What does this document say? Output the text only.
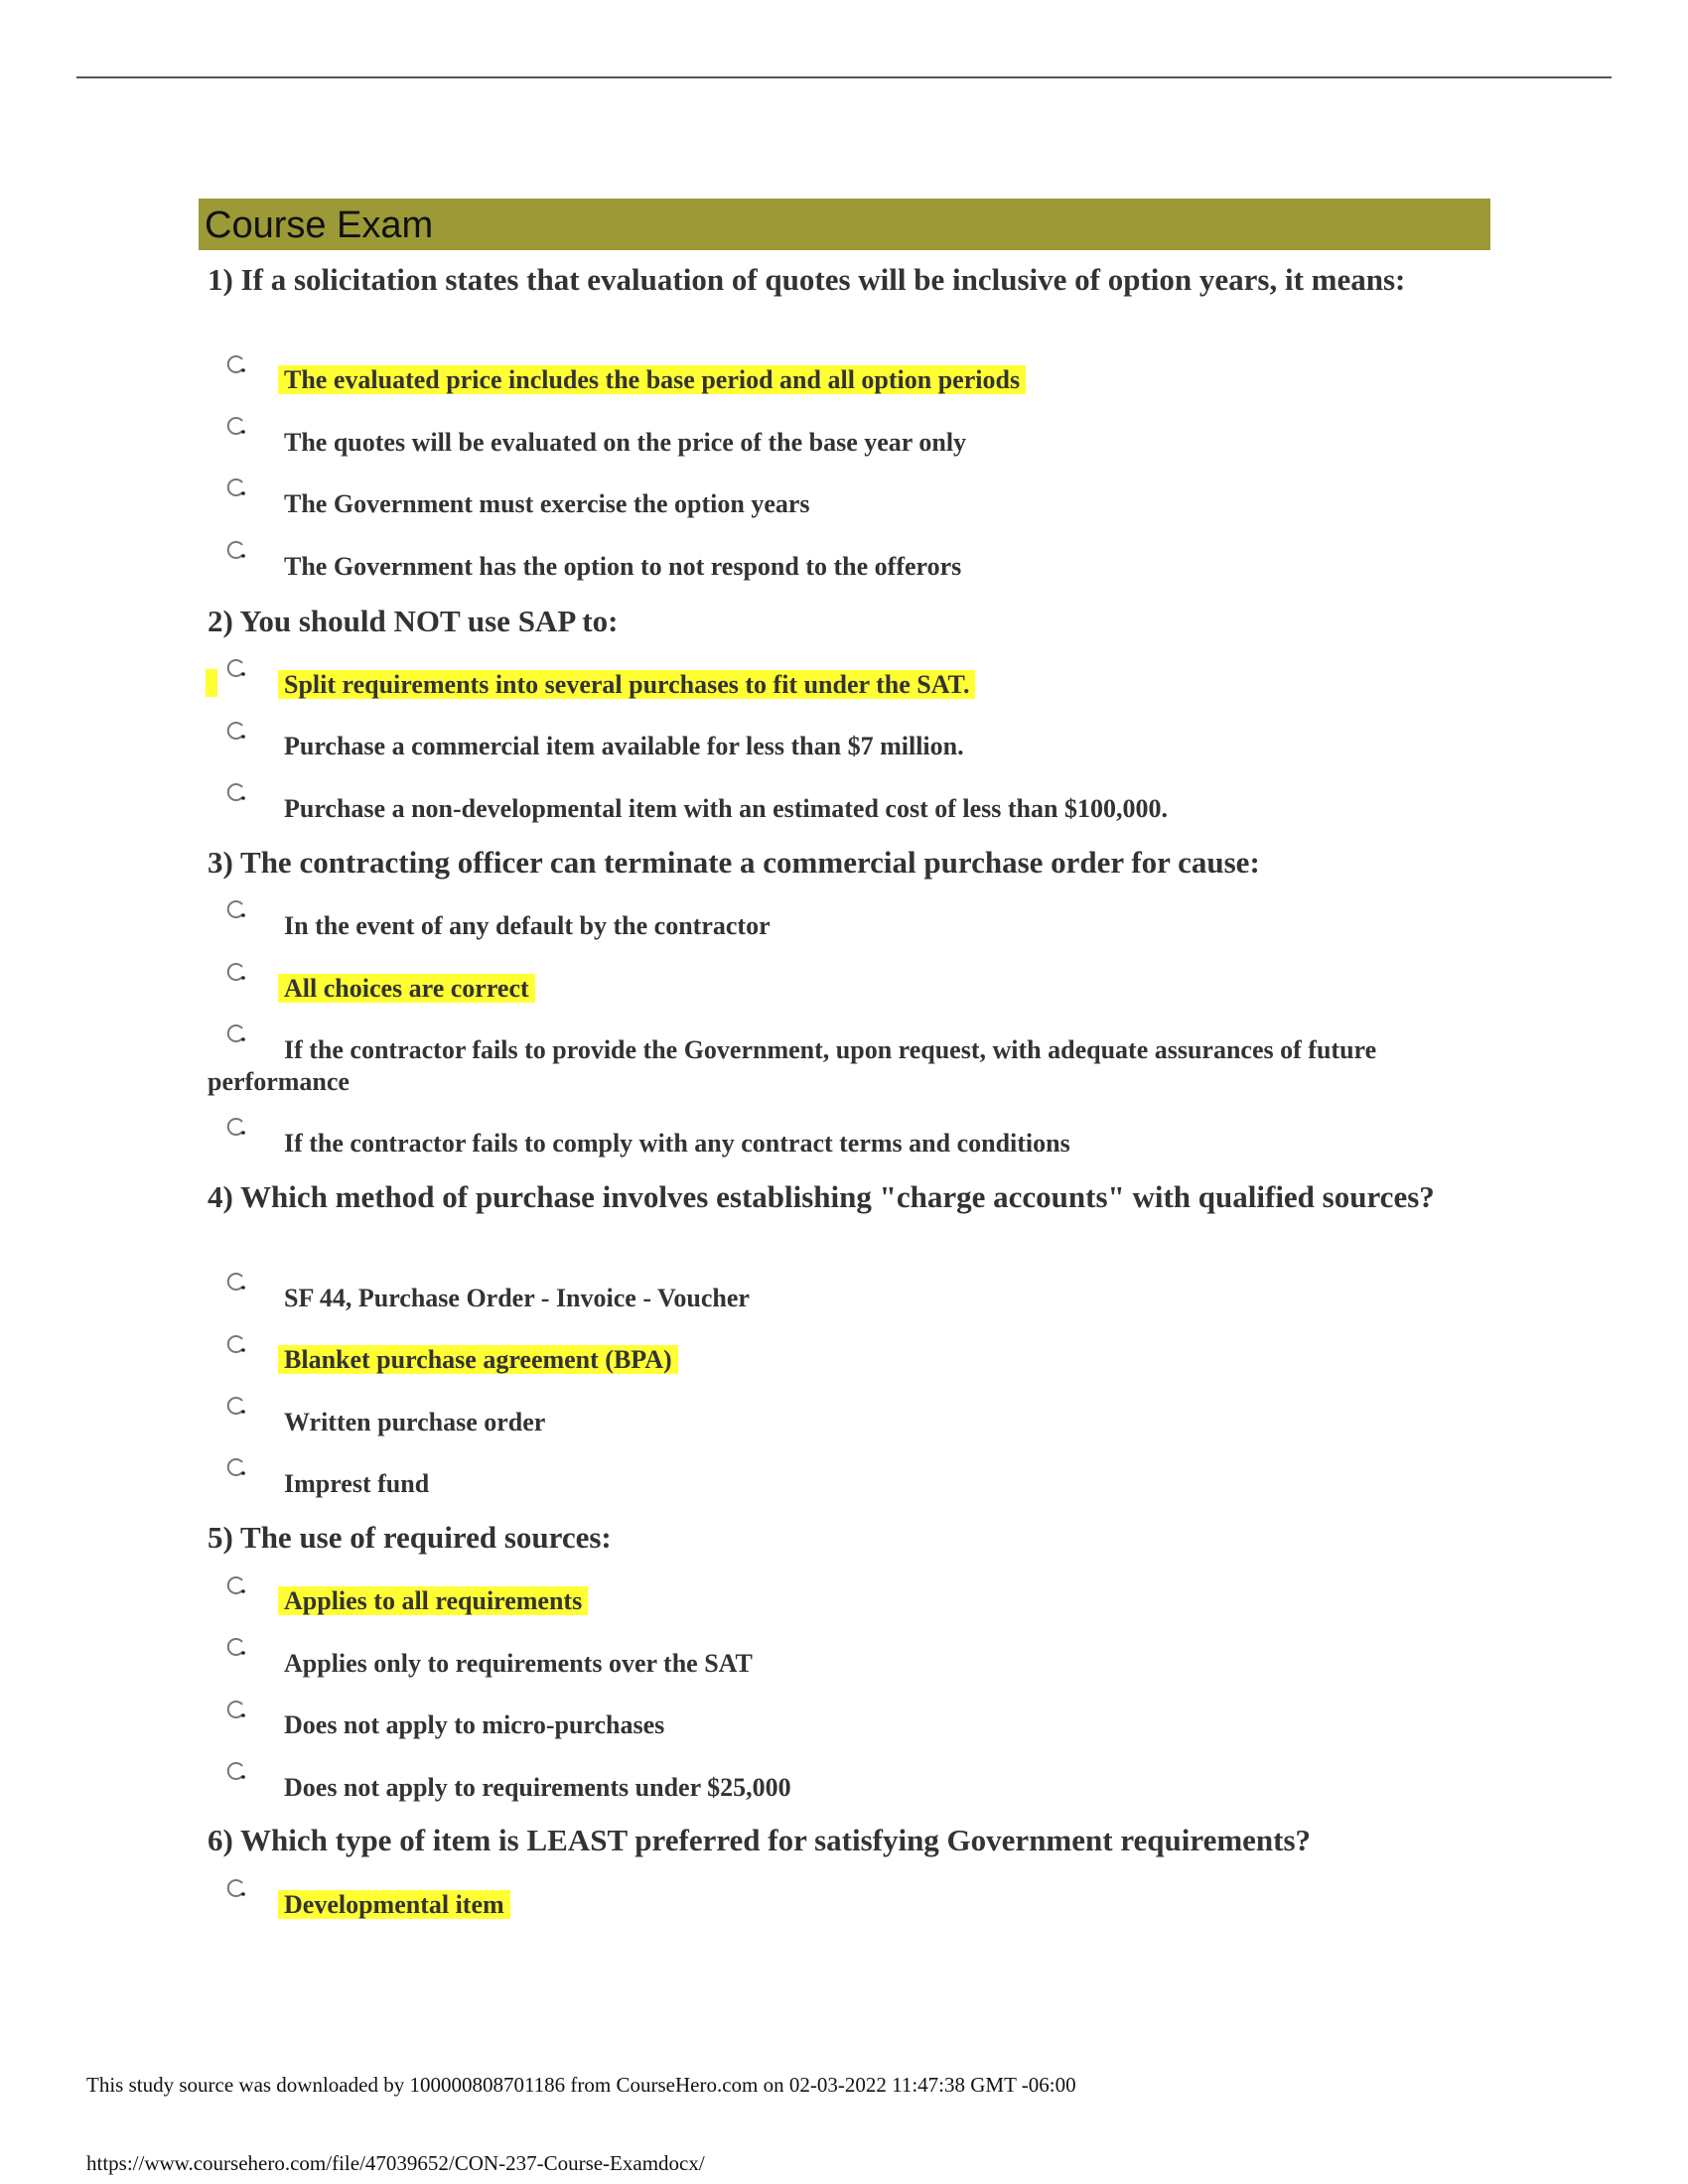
Course Exam
1) If a solicitation states that evaluation of quotes will be inclusive of option years, it means:
The evaluated price includes the base period and all option periods
The quotes will be evaluated on the price of the base year only
The Government must exercise the option years
The Government has the option to not respond to the offerors
2) You should NOT use SAP to:
Split requirements into several purchases to fit under the SAT.
Purchase a commercial item available for less than $7 million.
Purchase a non-developmental item with an estimated cost of less than $100,000.
3) The contracting officer can terminate a commercial purchase order for cause:
In the event of any default by the contractor
All choices are correct
If the contractor fails to provide the Government, upon request, with adequate assurances of future performance
If the contractor fails to comply with any contract terms and conditions
4) Which method of purchase involves establishing "charge accounts" with qualified sources?
SF 44, Purchase Order - Invoice - Voucher
Blanket purchase agreement (BPA)
Written purchase order
Imprest fund
5) The use of required sources:
Applies to all requirements
Applies only to requirements over the SAT
Does not apply to micro-purchases
Does not apply to requirements under $25,000
6) Which type of item is LEAST preferred for satisfying Government requirements?
Developmental item
This study source was downloaded by 100000808701186 from CourseHero.com on 02-03-2022 11:47:38 GMT -06:00
https://www.coursehero.com/file/47039652/CON-237-Course-Examdocx/
